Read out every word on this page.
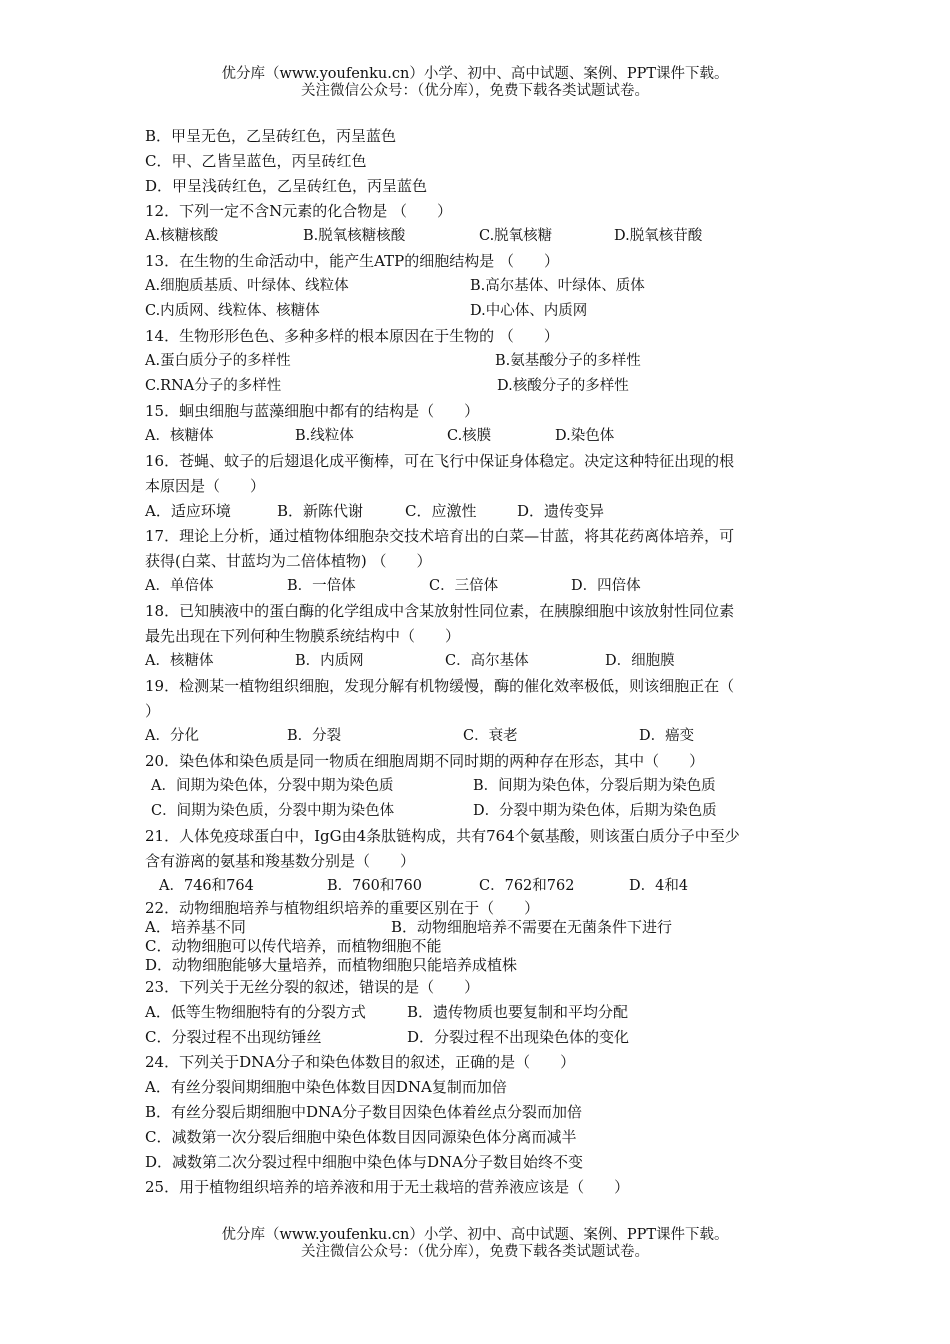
优分库（www.youfenku.cn）小学、初中、高中试题、案例、PPT课件下载。
关注微信公众号：（优分库），免费下载各类试题试卷。
B．甲呈无色，乙呈砖红色，丙呈蓝色
C．甲、乙皆呈蓝色，丙呈砖红色
D．甲呈浅砖红色，乙呈砖红色，丙呈蓝色
12．下列一定不含N元素的化合物是 （　　）
A.核糖核酸	B.脱氧核糖核酸	C.脱氧核糖	D.脱氧核苷酸
13．在生物的生命活动中，能产生ATP的细胞结构是 （　　）
A.细胞质基质、叶绿体、线粒体	B.高尔基体、叶绿体、质体
C.内质网、线粒体、核糖体	D.中心体、内质网
14．生物形形色色、多种多样的根本原因在于生物的 （　　）
A.蛋白质分子的多样性	B.氨基酸分子的多样性
C.RNA分子的多样性	D.核酸分子的多样性
15．蛔虫细胞与蓝藻细胞中都有的结构是（　　）
A．核糖体	B.线粒体	C.核膜	D.染色体
16．苍蝇、蚊子的后翅退化成平衡棒，可在飞行中保证身体稳定。决定这种特征出现的根
本原因是（　　）
A．适应环境	B．新陈代谢	C．应激性	D．遗传变异
17．理论上分析，通过植物体细胞杂交技术培育出的白菜—甘蓝，将其花药离体培养，可
获得(白菜、甘蓝均为二倍体植物) （　　）
A．单倍体	B．一倍体	C．三倍体	D．四倍体
18．已知胰液中的蛋白酶的化学组成中含某放射性同位素，在胰腺细胞中该放射性同位素
最先出现在下列何种生物膜系统结构中（　　）
A．核糖体	B．内质网	C．高尔基体	D．细胞膜
19．检测某一植物组织细胞，发现分解有机物缓慢，酶的催化效率极低，则该细胞正在（
）
A．分化	B．分裂	C．衰老	D．癌变
20．染色体和染色质是同一物质在细胞周期不同时期的两种存在形态，其中（　　）
A．间期为染色体，分裂中期为染色质	B．间期为染色体，分裂后期为染色质
C．间期为染色质，分裂中期为染色体	D．分裂中期为染色体，后期为染色质
21．人体免疫球蛋白中，IgG由4条肽链构成，共有764个氨基酸，则该蛋白质分子中至少
含有游离的氨基和羧基数分别是（　　）
A．746和764	B．760和760	C．762和762	D．4和4
22．动物细胞培养与植物组织培养的重要区别在于（　　）
A．培养基不同	B．动物细胞培养不需要在无菌条件下进行
C．动物细胞可以传代培养，而植物细胞不能
D．动物细胞能够大量培养，而植物细胞只能培养成植株
23．下列关于无丝分裂的叙述，错误的是（　　）
A．低等生物细胞特有的分裂方式	B．遗传物质也要复制和平均分配
C．分裂过程不出现纺锤丝	D．分裂过程不出现染色体的变化
24．下列关于DNA分子和染色体数目的叙述，正确的是（　　）
A．有丝分裂间期细胞中染色体数目因DNA复制而加倍
B．有丝分裂后期细胞中DNA分子数目因染色体着丝点分裂而加倍
C．减数第一次分裂后细胞中染色体数目因同源染色体分离而减半
D．减数第二次分裂过程中细胞中染色体与DNA分子数目始终不变
25．用于植物组织培养的培养液和用于无土栽培的营养液应该是（　　）
优分库（www.youfenku.cn）小学、初中、高中试题、案例、PPT课件下载。
关注微信公众号：（优分库），免费下载各类试题试卷。
